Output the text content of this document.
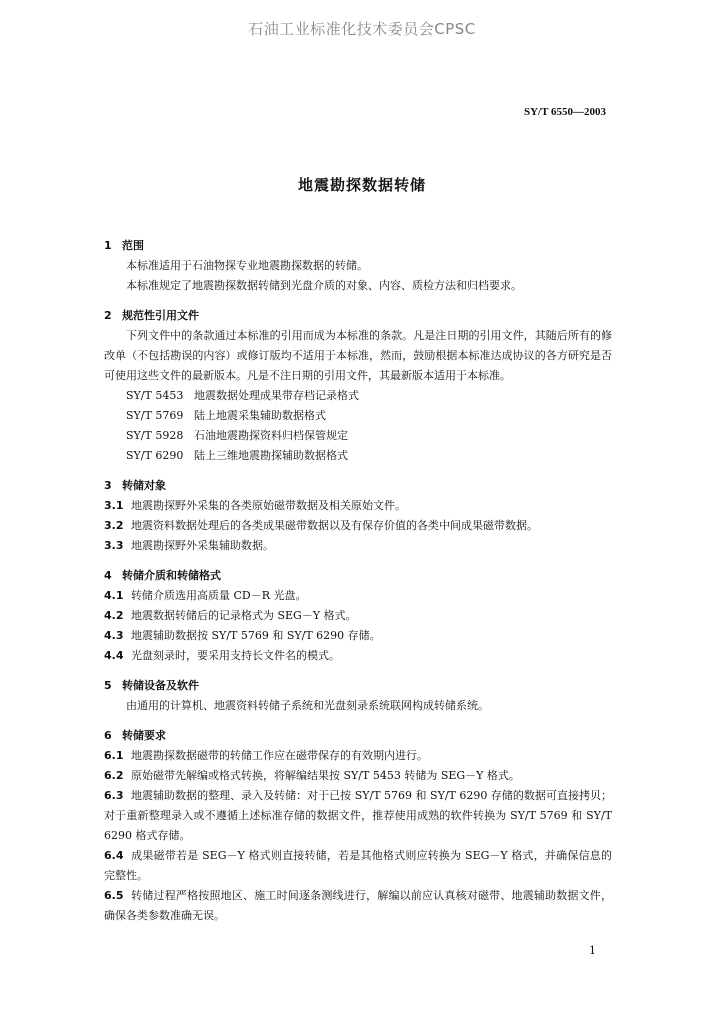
石油工业标准化技术委员会CPSC
SY/T 6550—2003
地震勘探数据转储
1 范围
本标准适用于石油物探专业地震勘探数据的转储。
本标准规定了地震勘探数据转储到光盘介质的对象、内容、质检方法和归档要求。
2 规范性引用文件
下列文件中的条款通过本标准的引用而成为本标准的条款。凡是注日期的引用文件，其随后所有的修改单（不包括勘误的内容）或修订版均不适用于本标准，然而，鼓励根据本标准达成协议的各方研究是否可使用这些文件的最新版本。凡是不注日期的引用文件，其最新版本适用于本标准。
SY/T 5453 地震数据处理成果带存档记录格式
SY/T 5769 陆上地震采集辅助数据格式
SY/T 5928 石油地震勘探资料归档保管规定
SY/T 6290 陆上三维地震勘探辅助数据格式
3 转储对象
3.1 地震勘探野外采集的各类原始磁带数据及相关原始文件。
3.2 地震资料数据处理后的各类成果磁带数据以及有保存价值的各类中间成果磁带数据。
3.3 地震勘探野外采集辅助数据。
4 转储介质和转储格式
4.1 转储介质选用高质量 CD－R 光盘。
4.2 地震数据转储后的记录格式为 SEG－Y 格式。
4.3 地震辅助数据按 SY/T 5769 和 SY/T 6290 存储。
4.4 光盘刻录时，要采用支持长文件名的模式。
5 转储设备及软件
由通用的计算机、地震资料转储子系统和光盘刻录系统联网构成转储系统。
6 转储要求
6.1 地震勘探数据磁带的转储工作应在磁带保存的有效期内进行。
6.2 原始磁带先解编或格式转换，将解编结果按 SY/T 5453 转储为 SEG－Y 格式。
6.3 地震辅助数据的整理、录入及转储：对于已按 SY/T 5769 和 SY/T 6290 存储的数据可直接拷贝；对于重新整理录入或不遵循上述标准存储的数据文件，推荐使用成熟的软件转换为 SY/T 5769 和 SY/T 6290 格式存储。
6.4 成果磁带若是 SEG－Y 格式则直接转储，若是其他格式则应转换为 SEG－Y 格式，并确保信息的完整性。
6.5 转储过程严格按照地区、施工时间逐条测线进行，解编以前应认真核对磁带、地震辅助数据文件，确保各类参数准确无误。
1
